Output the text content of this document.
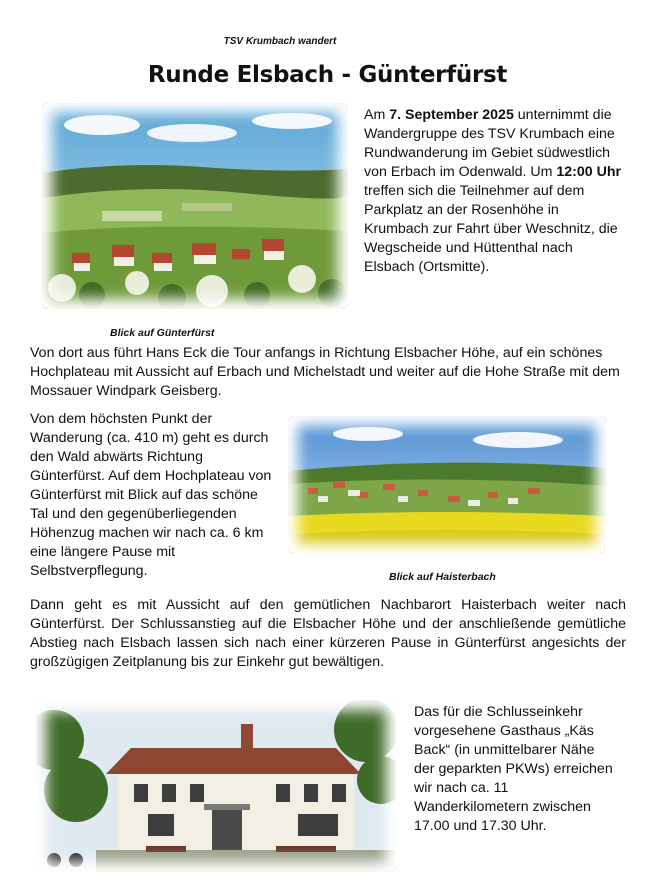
TSV Krumbach wandert
Runde Elsbach - Günterfürst
Am 7. September 2025 unternimmt die Wandergruppe des TSV Krumbach eine Rundwanderung im Gebiet südwestlich von Erbach im Odenwald. Um 12:00 Uhr treffen sich die Teilnehmer auf dem Parkplatz an der Rosenhöhe in Krumbach zur Fahrt über Weschnitz, die Wegscheide und Hüttenthal nach Elsbach (Ortsmitte).
Blick auf Günterfürst
Von dort aus führt Hans Eck die Tour anfangs in Richtung Elsbacher Höhe, auf ein schönes Hochplateau mit Aussicht auf Erbach und Michelstadt und weiter auf die Hohe Straße mit dem Mossauer Windpark Geisberg.
Von dem höchsten Punkt der Wanderung (ca. 410 m) geht es durch den Wald abwärts Richtung Günterfürst. Auf dem Hochplateau von Günterfürst mit Blick auf das schöne Tal und den gegenüberliegenden Höhenzug machen wir nach ca. 6 km eine längere Pause mit Selbstverpflegung.	Blick auf Haisterbach
Dann geht es mit Aussicht auf den gemütlichen Nachbarort Haisterbach weiter nach Günterfürst. Der Schlussanstieg auf die Elsbacher Höhe und der anschließende gemütliche Abstieg nach Elsbach lassen sich nach einer kürzeren Pause in Günterfürst angesichts der großzügigen Zeitplanung bis zur Einkehr gut bewältigen.
Das für die Schlusseinkehr vorgesehene Gasthaus „Käs Back“ (in unmittelbarer Nähe der geparkten PKWs) erreichen wir nach ca. 11 Wanderkilometern zwischen 17.00 und 17.30 Uhr.
